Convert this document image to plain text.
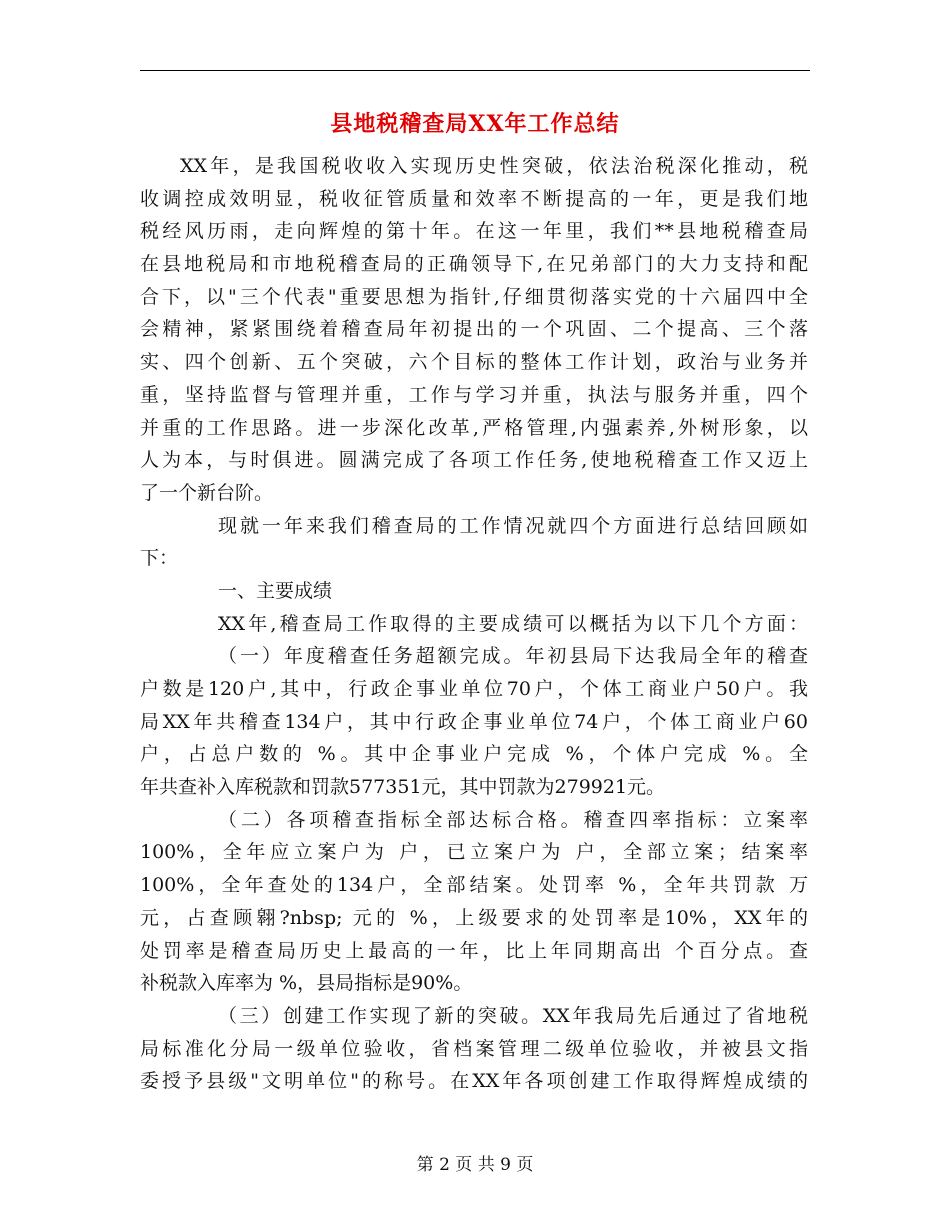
县地税稽查局XX年工作总结
XX年，是我国税收收入实现历史性突破，依法治税深化推动，税
收调控成效明显，税收征管质量和效率不断提高的一年，更是我们地
税经风历雨，走向辉煌的第十年。在这一年里，我们**县地税稽查局
在县地税局和市地税稽查局的正确领导下,在兄弟部门的大力支持和配
合下，以"三个代表"重要思想为指针,仔细贯彻落实党的十六届四中全
会精神，紧紧围绕着稽查局年初提出的一个巩固、二个提高、三个落
实、四个创新、五个突破，六个目标的整体工作计划，政治与业务并
重，坚持监督与管理并重，工作与学习并重，执法与服务并重，四个
并重的工作思路。进一步深化改革,严格管理,内强素养,外树形象，以
人为本，与时俱进。圆满完成了各项工作任务,使地税稽查工作又迈上
了一个新台阶。
现就一年来我们稽查局的工作情况就四个方面进行总结回顾如
下：
一、主要成绩
XX年,稽查局工作取得的主要成绩可以概括为以下几个方面：
（一）年度稽查任务超额完成。年初县局下达我局全年的稽查
户数是120户,其中，行政企事业单位70户，个体工商业户50户。我
局XX年共稽查134户，其中行政企事业单位74户，个体工商业户60
户，占总户数的 %。其中企事业户完成 %，个体户完成 %。全
年共查补入库税款和罚款577351元，其中罚款为279921元。
（二）各项稽查指标全部达标合格。稽查四率指标：立案率
100%，全年应立案户为 户，已立案户为 户，全部立案；结案率
100%，全年查处的134户，全部结案。处罚率 %，全年共罚款 万
元，占查顾翱?nbsp; 元的 %，上级要求的处罚率是10%，XX年的
处罚率是稽查局历史上最高的一年，比上年同期高出 个百分点。查
补税款入库率为 %，县局指标是90%。
（三）创建工作实现了新的突破。XX年我局先后通过了省地税
局标准化分局一级单位验收，省档案管理二级单位验收，并被县文指
委授予县级"文明单位"的称号。在XX年各项创建工作取得辉煌成绩的
第 2 页 共 9 页
